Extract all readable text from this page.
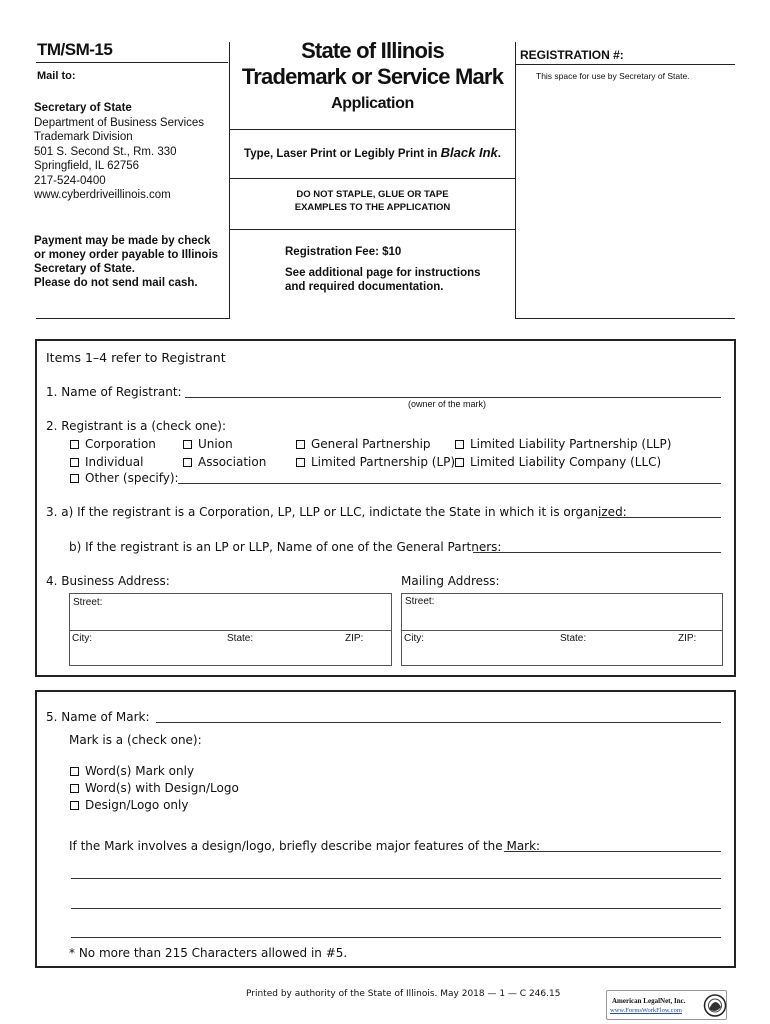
TM/SM-15
Mail to:
Secretary of State
Department of Business Services
Trademark Division
501 S. Second St., Rm. 330
Springfield, IL 62756
217-524-0400
www.cyberdriveillinois.com
Payment may be made by check
or money order payable to Illinois
Secretary of State.
Please do not send mail cash.
State of Illinois
Trademark or Service Mark
Application
Type, Laser Print or Legibly Print in Black Ink.
DO NOT STAPLE, GLUE OR TAPE
EXAMPLES TO THE APPLICATION
Registration Fee: $10
See additional page for instructions
and required documentation.
REGISTRATION #:
This space for use by Secretary of State.
Items 1–4 refer to Registrant
1. Name of Registrant:
(owner of the mark)
2. Registrant is a (check one):
Corporation	Union	General Partnership	Limited Liability Partnership (LLP)
Individual	Association	Limited Partnership (LP)	Limited Liability Company (LLC)
Other (specify):
3. a) If the registrant is a Corporation, LP, LLP or LLC, indictate the State in which it is organized:
b) If the registrant is an LP or LLP, Name of one of the General Partners:
4. Business Address:	Mailing Address:
Street:
City:	State:	ZIP:
Street:
City:	State:	ZIP:
5. Name of Mark:
Mark is a (check one):
Word(s) Mark only
Word(s) with Design/Logo
Design/Logo only
If the Mark involves a design/logo, briefly describe major features of the Mark:
* No more than 215 Characters allowed in #5.
Printed by authority of the State of Illinois. May 2018 — 1 — C 246.15
American LegalNet, Inc.
www.FormsWorkFlow.com
